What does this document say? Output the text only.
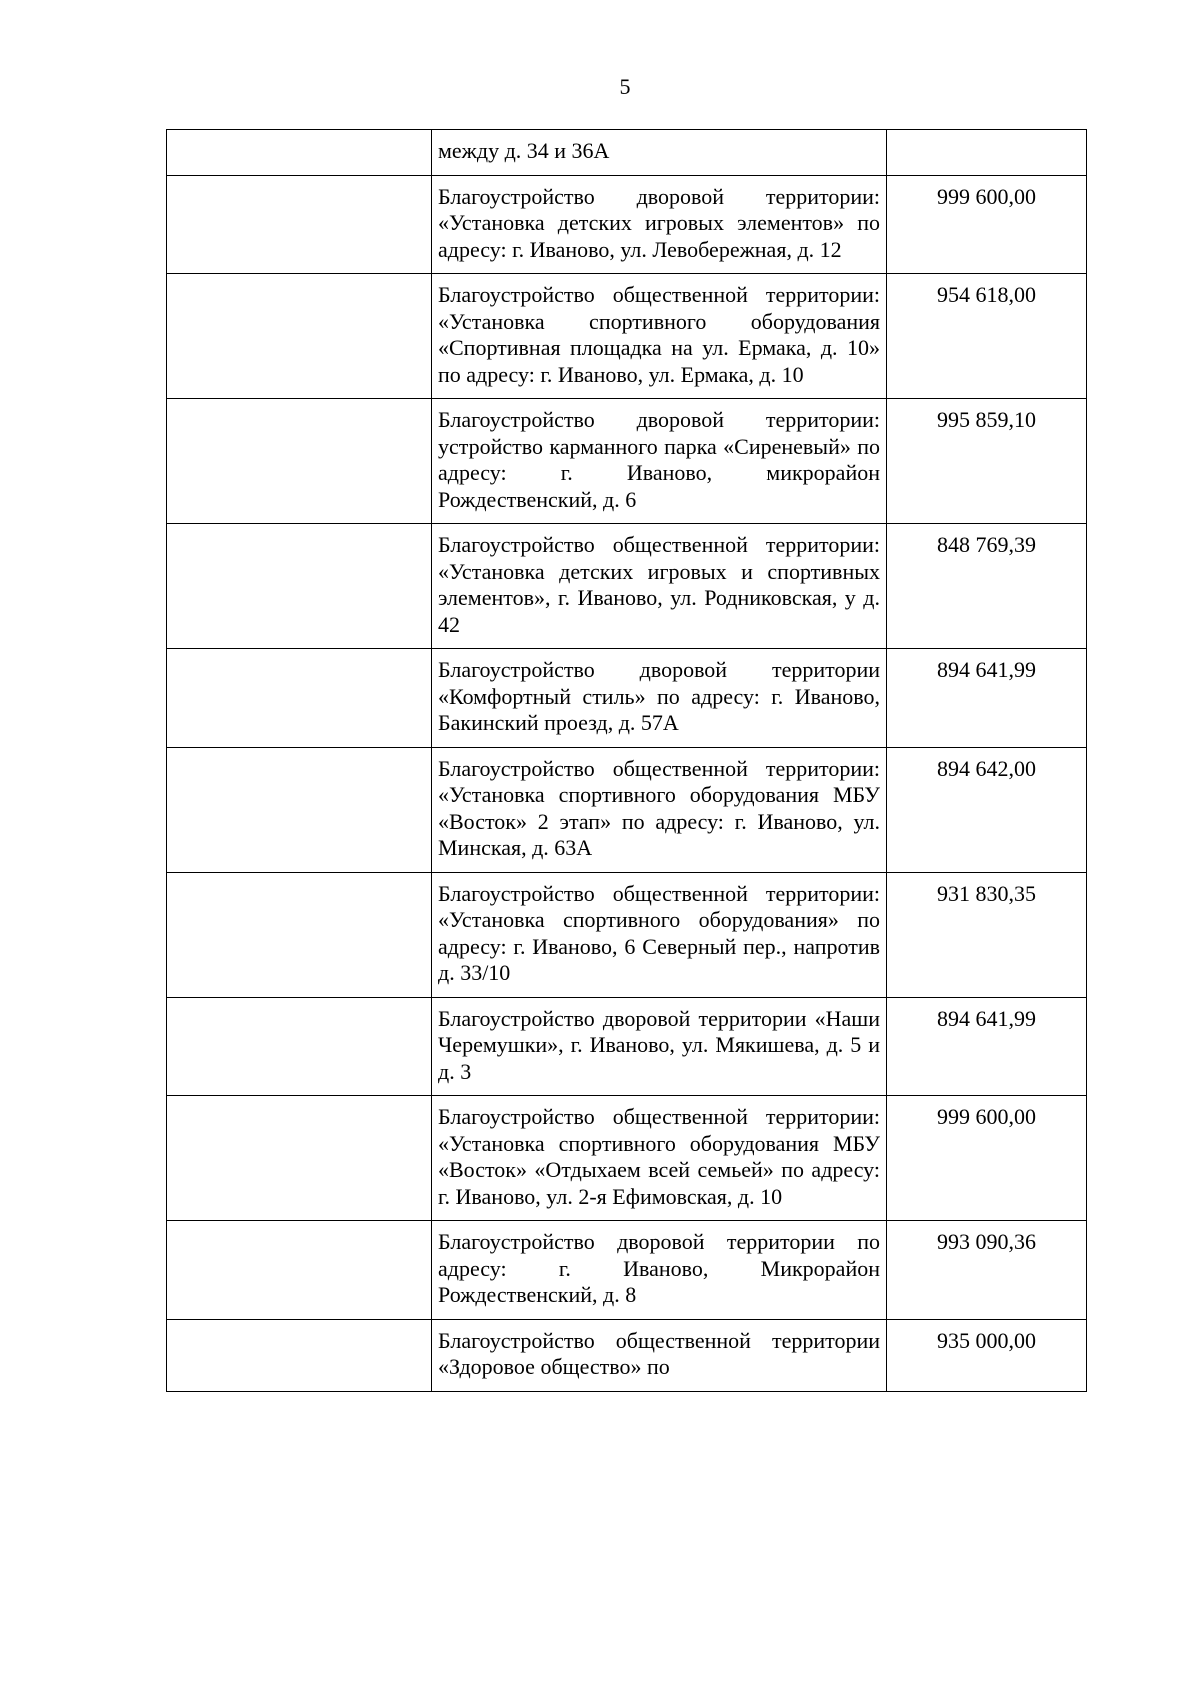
5
	между д. 34 и 36А	
	Благоустройство дворовой территории: «Установка детских игровых элементов» по адресу: г. Иваново, ул. Левобережная, д. 12	999 600,00
	Благоустройство общественной территории: «Установка спортивного оборудования «Спортивная площадка на ул. Ермака, д. 10» по адресу: г. Иваново, ул. Ермака, д. 10	954 618,00
	Благоустройство дворовой территории: устройство карманного парка «Сиреневый» по адресу: г. Иваново, микрорайон Рождественский, д. 6	995 859,10
	Благоустройство общественной территории: «Установка детских игровых и спортивных элементов», г. Иваново, ул. Родниковская, у д. 42	848 769,39
	Благоустройство дворовой территории «Комфортный стиль» по адресу: г. Иваново, Бакинский проезд, д. 57А	894 641,99
	Благоустройство общественной территории: «Установка спортивного оборудования МБУ «Восток» 2 этап» по адресу: г. Иваново, ул. Минская, д. 63А	894 642,00
	Благоустройство общественной территории: «Установка спортивного оборудования» по адресу: г. Иваново, 6 Северный пер., напротив д. 33/10	931 830,35
	Благоустройство дворовой территории «Наши Черемушки», г. Иваново, ул. Мякишева, д. 5 и д. 3	894 641,99
	Благоустройство общественной территории: «Установка спортивного оборудования МБУ «Восток» «Отдыхаем всей семьей» по адресу: г. Иваново, ул. 2-я Ефимовская, д. 10	999 600,00
	Благоустройство дворовой территории по адресу: г. Иваново, Микрорайон Рождественский, д. 8	993 090,36
	Благоустройство общественной территории «Здоровое общество» по	935 000,00
